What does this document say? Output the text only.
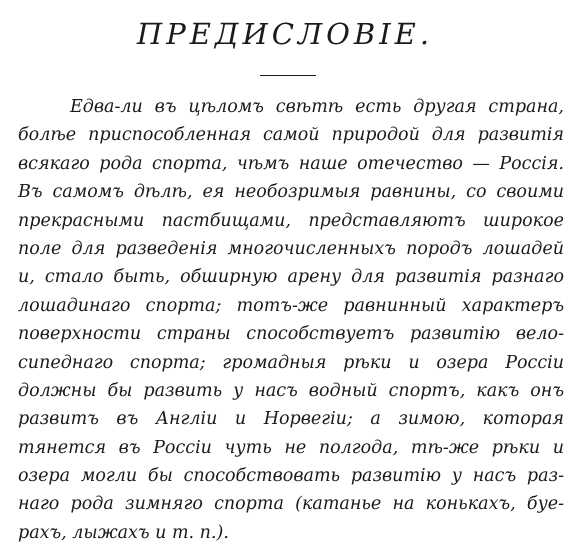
ПРЕДИСЛОВІЕ.
Едва-ли въ цѣломъ свѣтѣ есть другая страна,
болѣе приспособленная самой природой для развитія
всякаго рода спорта, чѣмъ наше отечество — Россія.
Въ самомъ дѣлѣ, ея необозримыя равнины, со своими
прекрасными пастбищами, представляютъ широкое
поле для разведенія многочисленныхъ породъ лошадей
и, стало быть, обширную арену для развитія разнаго
лошадинаго спорта; тотъ-же равнинный характеръ
поверхности страны способствуетъ развитію вело-
сипеднаго спорта; громадныя рѣки и озера Россіи
должны бы развить у насъ водный спортъ, какъ онъ
развитъ въ Англіи и Норвегіи; а зимою, которая
тянется въ Россіи чуть не полгода, тѣ-же рѣки и
озера могли бы способствовать развитію у насъ раз-
наго рода зимняго спорта (катанье на конькахъ, буе-
рахъ, лыжахъ и т. п.).
